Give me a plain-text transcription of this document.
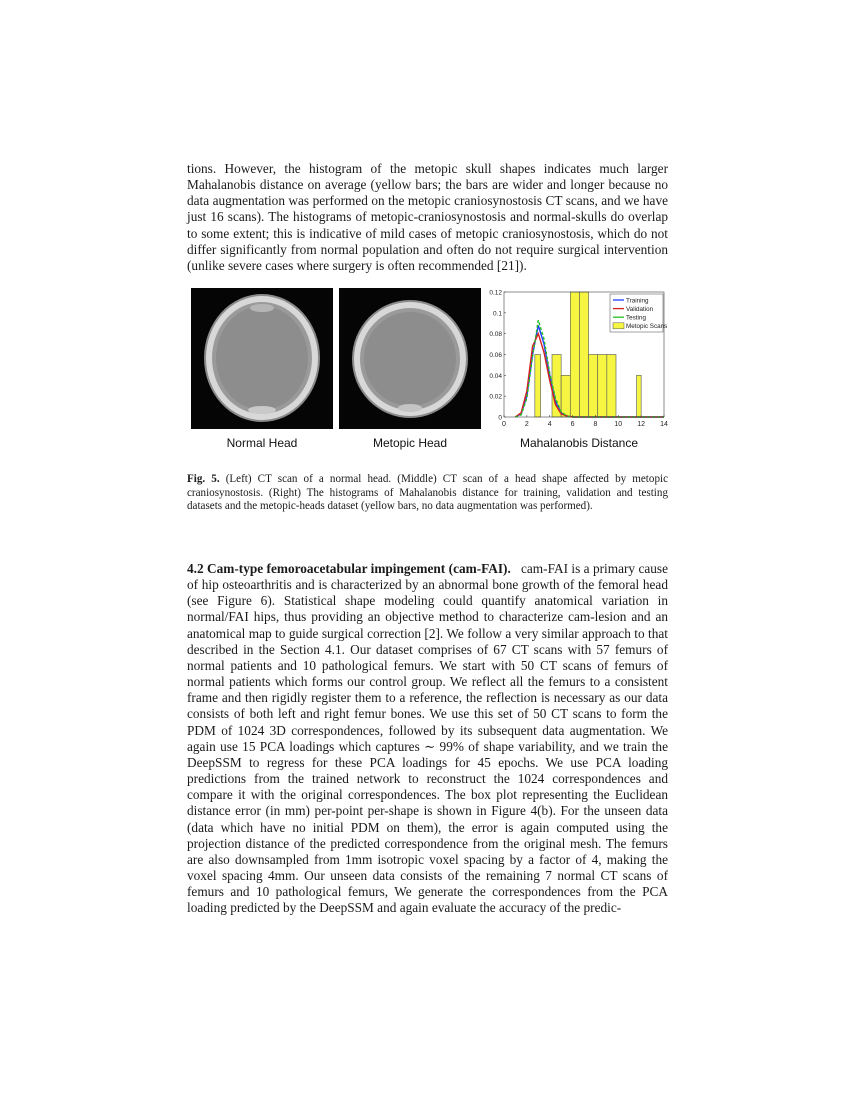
tions. However, the histogram of the metopic skull shapes indicates much larger Mahalanobis distance on average (yellow bars; the bars are wider and longer because no data augmentation was performed on the metopic craniosynostosis CT scans, and we have just 16 scans). The histograms of metopic-craniosynostosis and normal-skulls do overlap to some extent; this is indicative of mild cases of metopic craniosynostosis, which do not differ significantly from normal population and often do not require surgical intervention (unlike severe cases where surgery is often recommended [21]).

0	2	4	6	8 10 12 14
0
0.02
0.04
0.06
0.08
0.1
0.12
Training
Validation
Testing
Metopic Scans
Normal Head	Metopic Head	Mahalanobis Distance

Fig. 5. (Left) CT scan of a normal head. (Middle) CT scan of a head shape affected by metopic craniosynostosis. (Right) The histograms of Mahalanobis distance for training, validation and testing datasets and the metopic-heads dataset (yellow bars, no data augmentation was performed).

4.2 Cam-type femoroacetabular impingement (cam-FAI). cam-FAI is a primary cause of hip osteoarthritis and is characterized by an abnormal bone growth of the femoral head (see Figure 6). Statistical shape modeling could quantify anatomical variation in normal/FAI hips, thus providing an objective method to characterize cam-lesion and an anatomical map to guide surgical correction [2]. We follow a very similar approach to that described in the Section 4.1. Our dataset comprises of 67 CT scans with 57 femurs of normal patients and 10 pathological femurs. We start with 50 CT scans of femurs of normal patients which forms our control group. We reflect all the femurs to a consistent frame and then rigidly register them to a reference, the reflection is necessary as our data consists of both left and right femur bones. We use this set of 50 CT scans to form the PDM of 1024 3D correspondences, followed by its subsequent data augmentation. We again use 15 PCA loadings which captures ∼ 99% of shape variability, and we train the DeepSSM to regress for these PCA loadings for 45 epochs. We use PCA loading predictions from the trained network to reconstruct the 1024 correspondences and compare it with the original correspondences. The box plot representing the Euclidean distance error (in mm) per-point per-shape is shown in Figure 4(b). For the unseen data (data which have no initial PDM on them), the error is again computed using the projection distance of the predicted correspondence from the original mesh. The femurs are also downsampled from 1mm isotropic voxel spacing by a factor of 4, making the voxel spacing 4mm. Our unseen data consists of the remaining 7 normal CT scans of femurs and 10 pathological femurs, We generate the correspondences from the PCA loading predicted by the DeepSSM and again evaluate the accuracy of the predic-
